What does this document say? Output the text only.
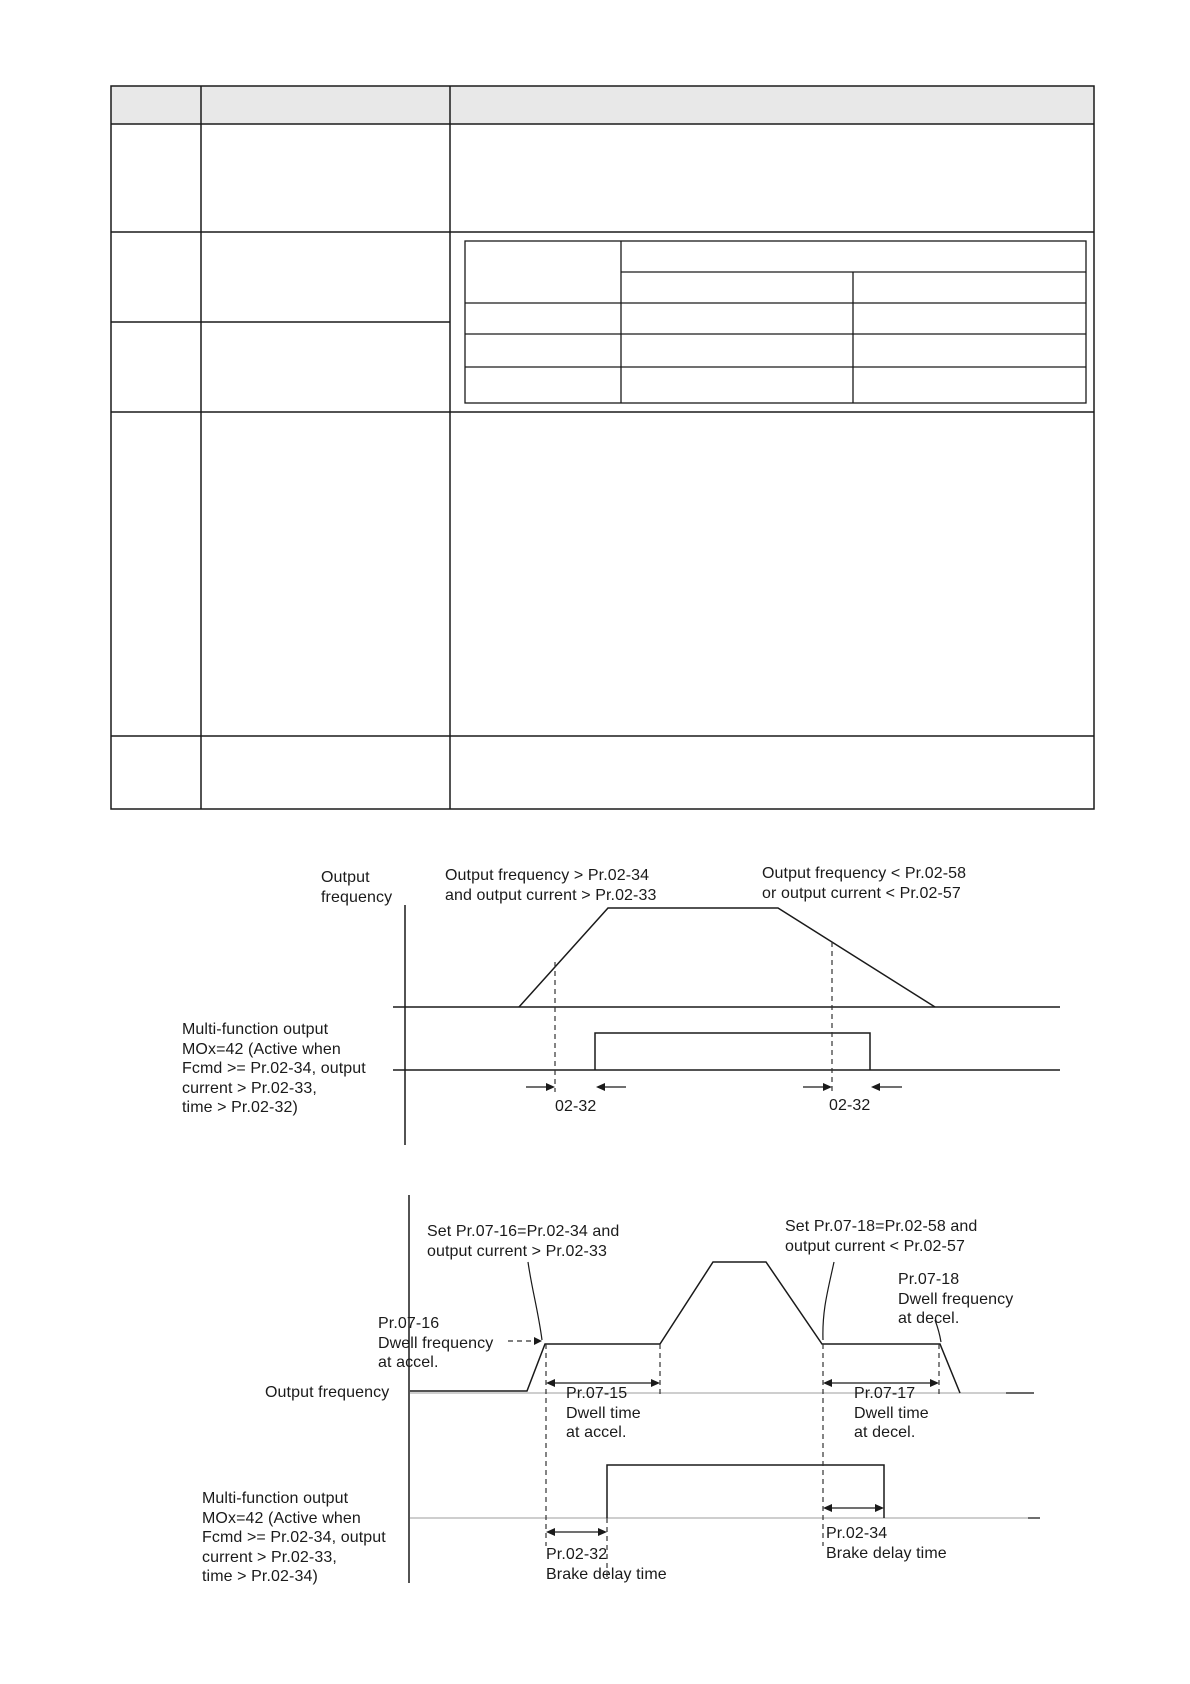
Output
frequency
Output frequency > Pr.02-34
and output current > Pr.02-33
Output frequency < Pr.02-58
or output current < Pr.02-57
Multi-function output
MOx=42 (Active when
Fcmd >= Pr.02-34, output
current > Pr.02-33,
time > Pr.02-32)	02-32	02-32
Set Pr.07-16=Pr.02-34 and
output current > Pr.02-33
Set Pr.07-18=Pr.02-58 and
output current < Pr.02-57
Pr.07-18
Dwell frequency
at decel.
Pr.07-16
Dwell frequency
at accel.
Output frequency	Pr.07-15
Dwell time
at accel.
Pr.07-17
Dwell time
at decel.
Multi-function output
MOx=42 (Active when
Fcmd >= Pr.02-34, output
current > Pr.02-33,
time > Pr.02-34)
Pr.02-32
Brake delay time
Pr.02-34
Brake delay time
